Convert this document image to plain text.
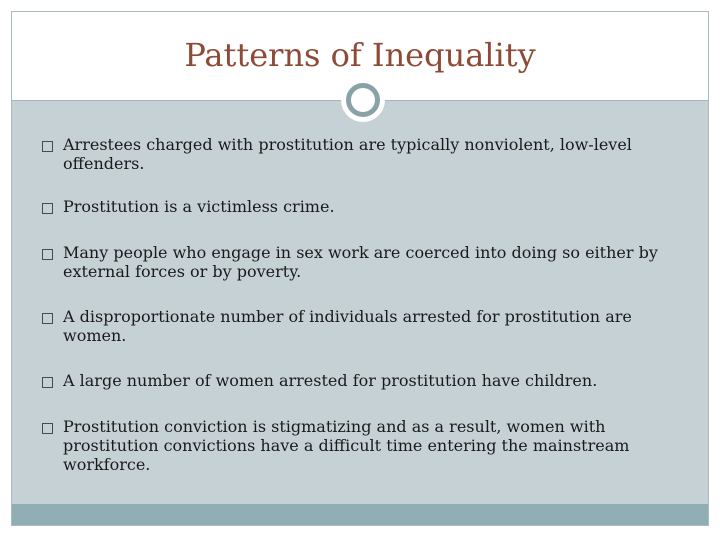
Patterns of Inequality
Arrestees charged with prostitution are typically nonviolent, low-level offenders.
Prostitution is a victimless crime.
Many people who engage in sex work are coerced into doing so either by external forces or by poverty.
A disproportionate number of individuals arrested for prostitution are women.
A large number of women arrested for prostitution have children.
Prostitution conviction is stigmatizing and as a result, women with prostitution convictions have a difficult time entering the mainstream workforce.
